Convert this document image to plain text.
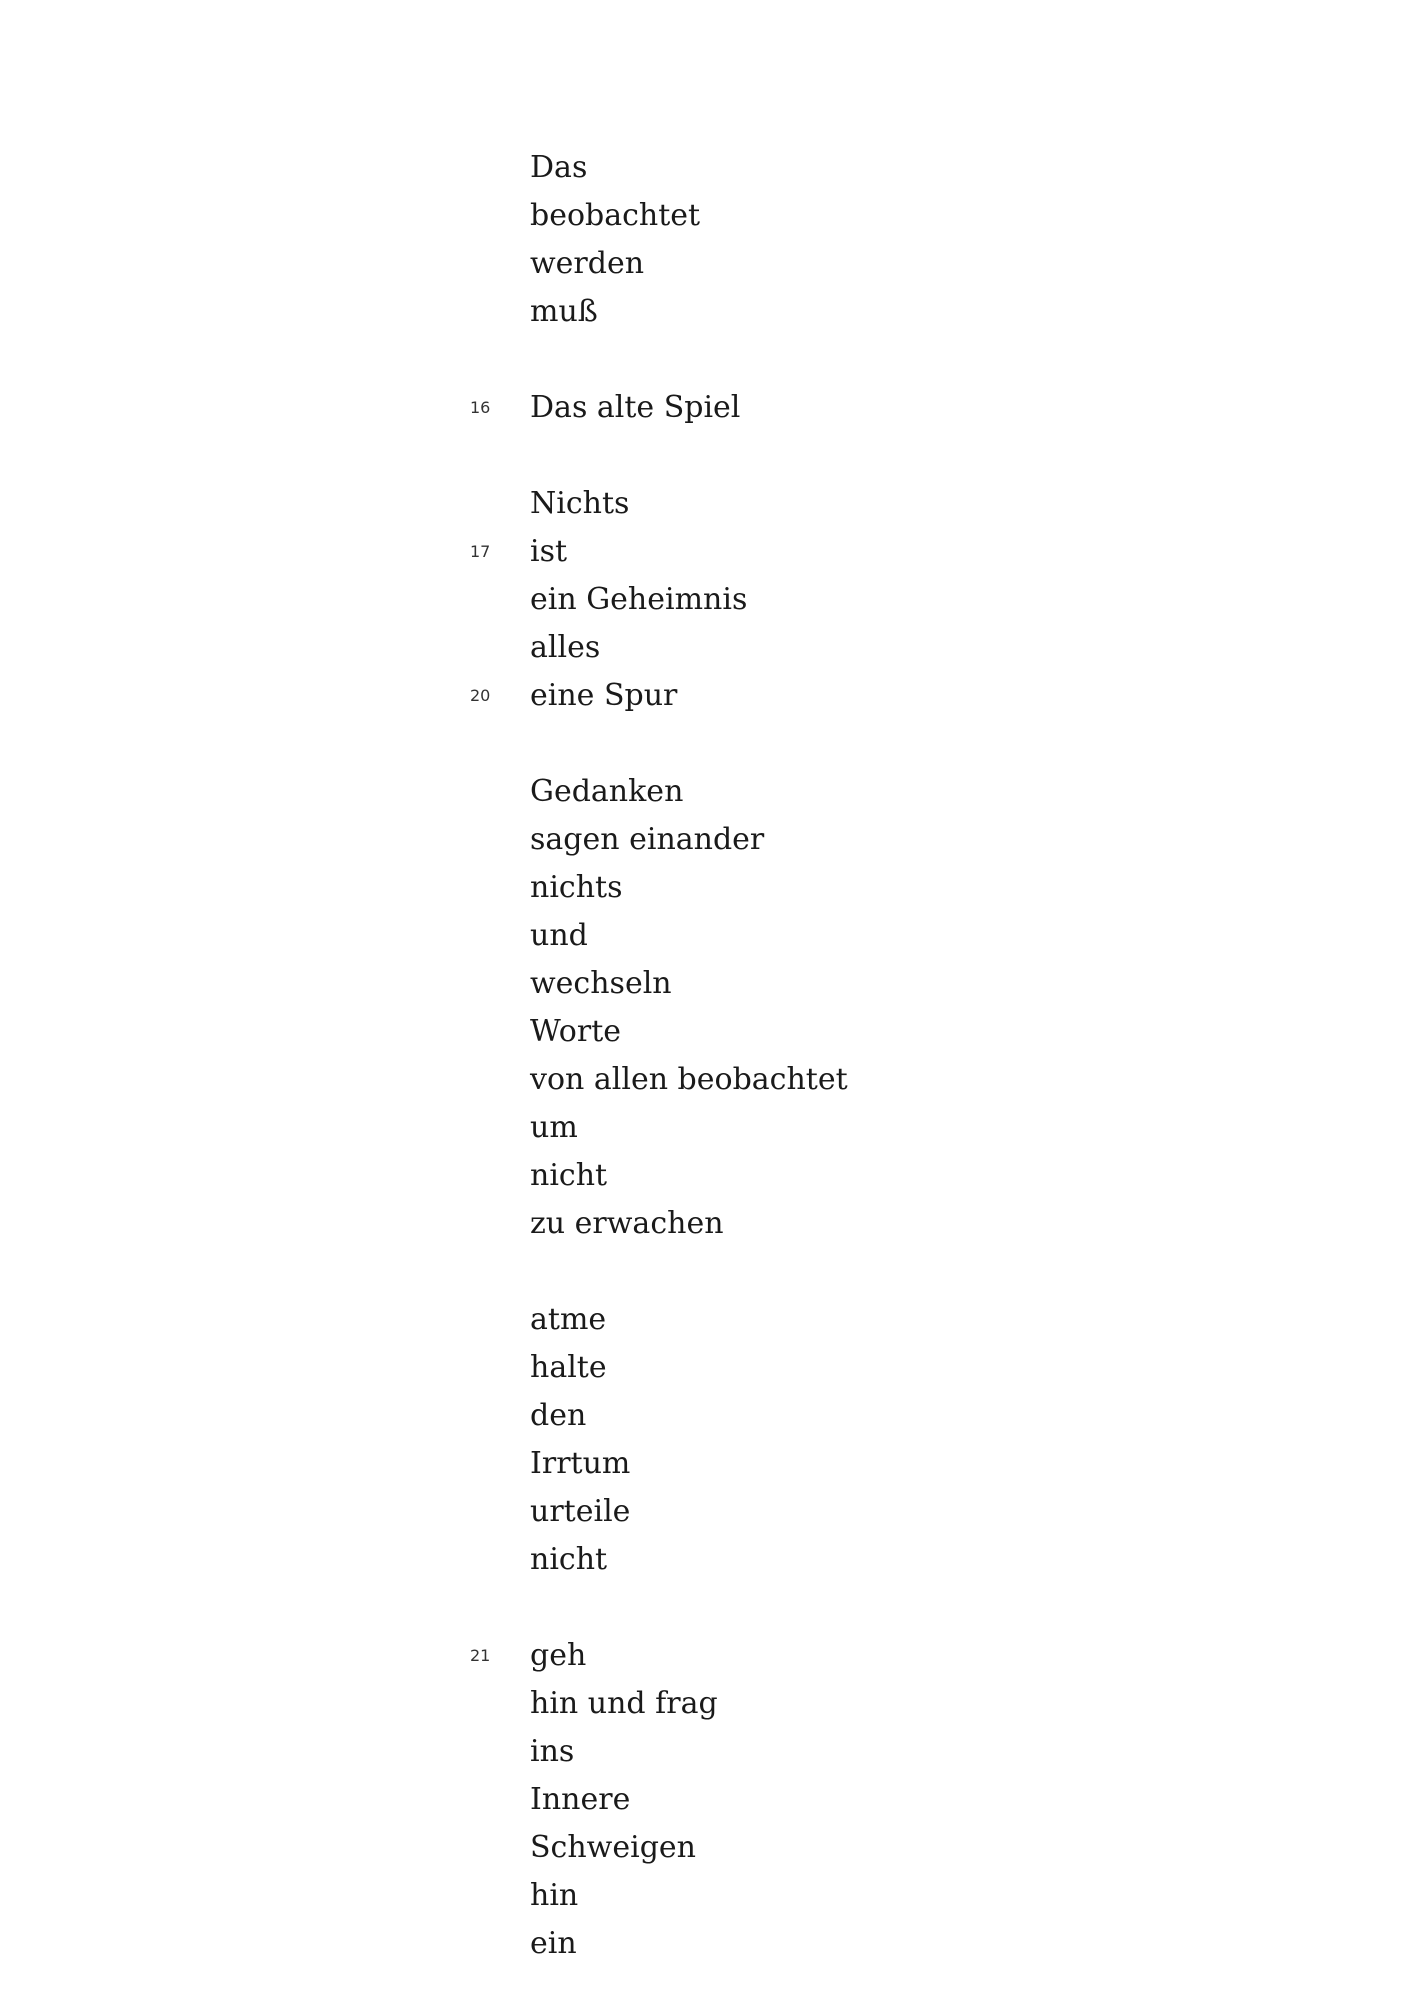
Das
beobachtet
werden
muß
16	Das alte Spiel
Nichts
17	ist
ein Geheimnis
alles
20	eine Spur
Gedanken
sagen einander
nichts
und
wechseln
Worte
von allen beobachtet
um
nicht
zu erwachen
atme
halte
den
Irrtum
urteile
nicht
21	geh
hin und frag
ins
Innere
Schweigen
hin
ein
